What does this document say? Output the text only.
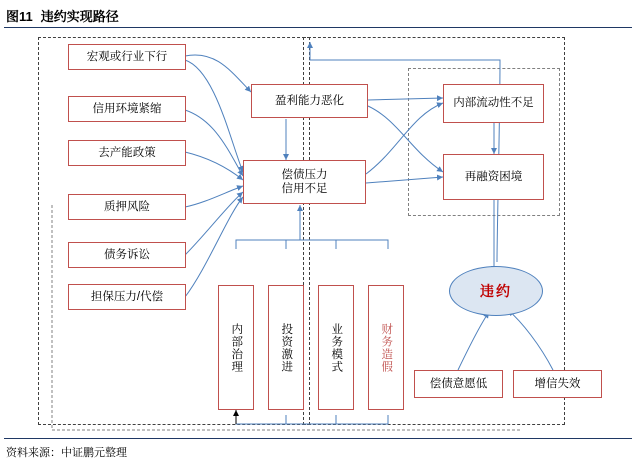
图11 违约实现路径
资料来源：中证鹏元整理
宏观或行业下行
信用环境紧缩
去产能政策
质押风险
债务诉讼
担保压力/代偿
盈利能力恶化
偿债压力
信用不足
内部流动性不足
再融资困境
违约
内部治理	投资激进	业务模式	财务造假
偿债意愿低	增信失效
